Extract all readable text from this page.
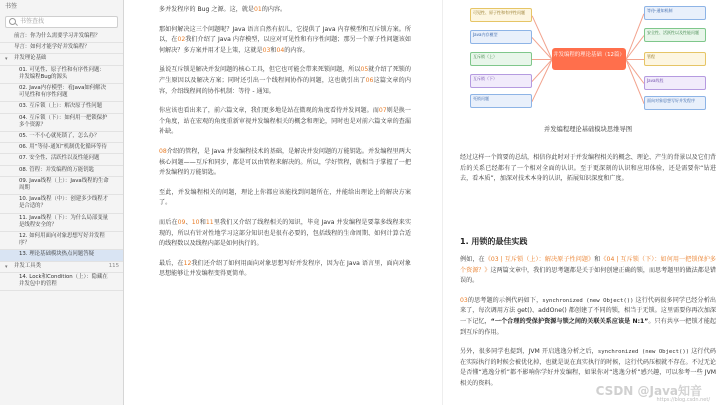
书签
书签查找
前言：你为什么需要学习并发编程？
导言：如何才能学好并发编程？
▾ 并发理论基础
01. 可见性、原子性和有序性问题：并发编程Bug的源头
02. Java内存模型：看Java如何解决可见性和有序性问题
03. 互斥锁（上）：解决原子性问题
04. 互斥锁（下）：如何用一把锁保护多个资源？
05. 一不小心就死锁了，怎么办？
06. 用“等待-通知”机制优化循环等待
07. 安全性、活跃性以及性能问题
08. 管程：并发编程的万能钥匙
09. Java线程（上）：Java线程的生命周期
10. Java线程（中）：创建多少线程才是合适的？
11. Java线程（下）：为什么局部变量是线程安全的？
12. 如何用面向对象思想写好并发程序？
13. 理论基础模块热点问题答疑
▾ 并发工具类	115
14. Lock和Condition（上）：隐藏在并发包中的管程

多并发程序的 Bug 之源。这，就是01的内容。

那如何解决这三个问题呢？Java 语言自然有招儿，它提供了 Java 内存模型和互斥锁方案。所以，在02我们介绍了 Java 内存模型，以应对可见性和有序性问题；那另一个原子性问题该如何解决？多方案并用才是上策，这就是03和04的内容。

虽说互斥锁是解决并发问题的核心工具，但它也可能会带来死锁问题，所以05就介绍了死锁的产生原因以及解决方案；同时还引出一个线程间协作的问题，这也就引出了06这篇文章的内容，介绍线程间的协作机制：等待 - 通知。

你应该也看出来了，前六篇文章，我们更多地是站在微观的角度看待并发问题。而07则是换一个角度，站在宏观的角度重新审视并发编程相关的概念和理论，同时也是对前六篇文章的查漏补缺。

08介绍的管程，是 Java 并发编程技术的基础，是解决并发问题的万能钥匙。并发编程里两大核心问题——互斥和同步，都是可以由管程来解决的。所以，学好管程，就相当于掌握了一把并发编程的万能钥匙。

至此，并发编程相关的问题，理论上你都应该能找到问题所在，并能给出理论上的解决方案了。

而后在09、10和11里我们又介绍了线程相关的知识，毕竟 Java 并发编程是要靠多线程来实现的，所以有针对性地学习这部分知识也是很有必要的，包括线程的生命周期、如何计算合适的线程数以及线程内部是如何执行的。

最后，在12我们还介绍了如何用面向对象思想写好并发程序，因为在 Java 语言里，面向对象思想能够让并发编程变得更简单。

并发编程的理论基础（12篇）
可见性、原子性和有序性问题
Java内存模型
互斥锁（上）
互斥锁（下）
死锁问题
等待-通知机制
安全性、活跃性以及性能问题
管程
Java线程
面向对象思想写好并发程序
并发编程理论基础模块思维导图

经过这样一个简要的总结，相信你此时对于并发编程相关的概念、理论、产生的背景以及它们背后的关系已经都有了一个相对全面的认识。至于更深刻的认识和应用体验，还是需要你“钻进去，看本质”，加深对技术本身的认识，拓展知识深度和广度。

1. 用锁的最佳实践

例如，在《03 | 互斥锁（上）：解决原子性问题》和《04 | 互斥锁（下）：如何用一把锁保护多个资源？》这两篇文章中，我们的思考题都是关于如何创建正确的锁，而思考题里的做法都是错误的。

03的思考题的示例代码如下，synchronized (new Object()) 这行代码很多同学已经分析出来了，每次调用方法 get()、addOne() 都创建了不同的锁，相当于无锁。这里需要你再次加深一下记忆，“一个合理的受保护资源与锁之间的关联关系应该是 N:1”。只有共享一把锁才能起到互斥的作用。

另外，很多同学也提到，JVM 开启逃逸分析之后，synchronized (new Object()) 这行代码在实际执行的时候会被优化掉，也就是说在真实执行的时候，这行代码压根就不存在。不过无论是否懂“逃逸分析”都不影响你学好并发编程，如果你对“逃逸分析”感兴趣，可以参考一些 JVM 相关的资料。

CSDN @Java知音
https://blog.csdn.net/
